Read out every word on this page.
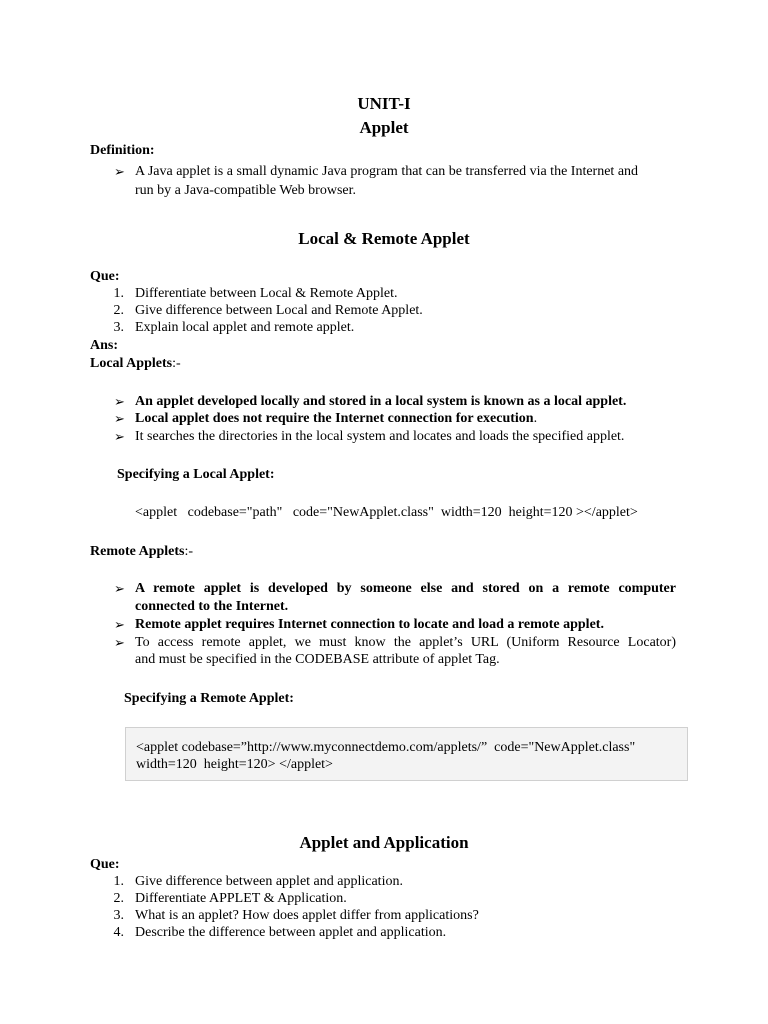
UNIT-I
Applet
Definition:
➢ A Java applet is a small dynamic Java program that can be transferred via the Internet and
run by a Java-compatible Web browser.
Local & Remote Applet
Que:
1. Differentiate between Local & Remote Applet.
2. Give difference between Local and Remote Applet.
3. Explain local applet and remote applet.
Ans:
Local Applets:-
➢ An applet developed locally and stored in a local system is known as a local applet.
➢ Local applet does not require the Internet connection for execution.
➢ It searches the directories in the local system and locates and loads the specified applet.
Specifying a Local Applet:
<applet   codebase="path"   code="NewApplet.class"  width=120  height=120 ></applet>
Remote Applets:-
➢ A remote applet is developed by someone else and stored on a remote computer
connected to the Internet.
➢ Remote applet requires Internet connection to locate and load a remote applet.
➢ To access remote applet, we must know the applet’s URL (Uniform Resource Locator)
and must be specified in the CODEBASE attribute of applet Tag.
Specifying a Remote Applet:
<applet codebase=”http://www.myconnectdemo.com/applets/”  code="NewApplet.class"
width=120  height=120> </applet>
Applet and Application
Que:
1. Give difference between applet and application.
2. Differentiate APPLET & Application.
3. What is an applet? How does applet differ from applications?
4. Describe the difference between applet and application.
